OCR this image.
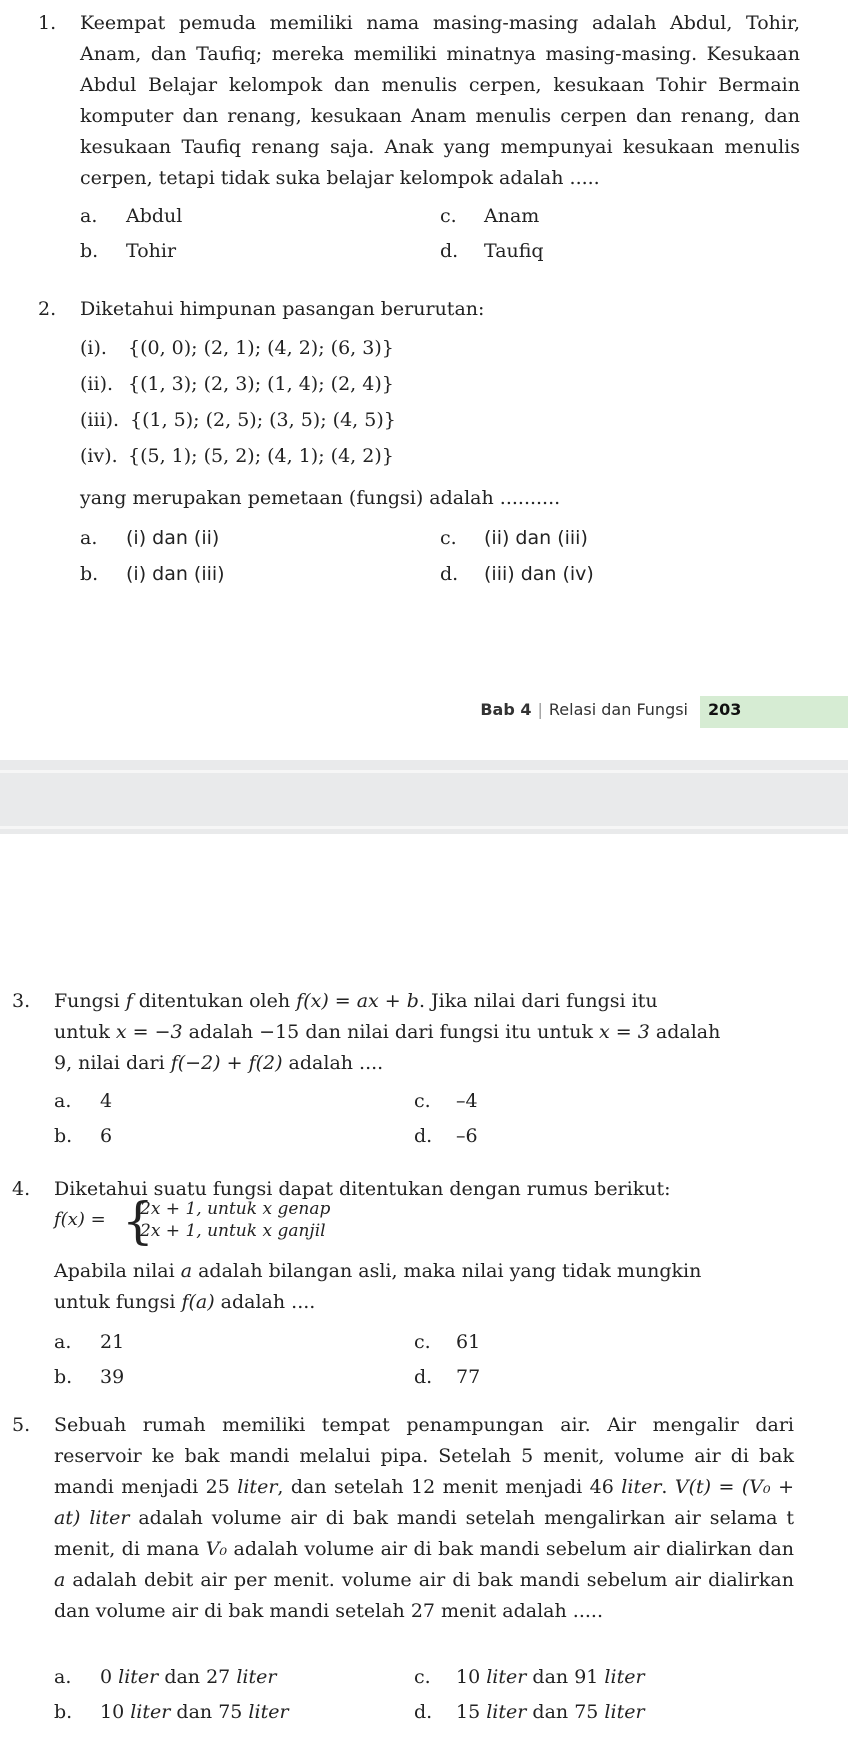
1. Keempat pemuda memiliki nama masing-masing adalah Abdul, Tohir, Anam, dan Taufiq; mereka memiliki minatnya masing-masing. Kesukaan Abdul Belajar kelompok dan menulis cerpen, kesukaan Tohir Bermain komputer dan renang, kesukaan Anam menulis cerpen dan renang, dan kesukaan Taufiq renang saja. Anak yang mempunyai kesukaan menulis cerpen, tetapi tidak suka belajar kelompok adalah .....

a. Abdul	c. Anam
b. Tohir	d. Taufiq
2. Diketahui himpunan pasangan berurutan:
(i). {(0, 0); (2, 1); (4, 2); (6, 3)}
(ii). {(1, 3); (2, 3); (1, 4); (2, 4)}
(iii). {(1, 5); (2, 5); (3, 5); (4, 5)}
(iv). {(5, 1); (5, 2); (4, 1); (4, 2)}
yang merupakan pemetaan (fungsi) adalah ..........
a. (i) dan (ii)	c. (ii) dan (iii)
b. (i) dan (iii)	d. (iii) dan (iv)
Bab 4 | Relasi dan Fungsi 203
3. Fungsi f ditentukan oleh f(x) = ax + b. Jika nilai dari fungsi itu
untuk x = −3 adalah −15 dan nilai dari fungsi itu untuk x = 3 adalah
9, nilai dari f(−2) + f(2) adalah ....
a. 4	c. –4
b. 6	d. –6
4. Diketahui suatu fungsi dapat ditentukan dengan rumus berikut:
f(x) = {
2x + 1, untuk x genap
2x + 1, untuk x ganjil
Apabila nilai a adalah bilangan asli, maka nilai yang tidak mungkin
untuk fungsi f(a) adalah ....
a. 21	c. 61
b. 39	d. 77
5. Sebuah rumah memiliki tempat penampungan air. Air mengalir dari reservoir ke bak mandi melalui pipa. Setelah 5 menit, volume air di bak mandi menjadi 25 liter, dan setelah 12 menit menjadi 46 liter. V(t) = (V₀ + at) liter adalah volume air di bak mandi setelah mengalirkan air selama t menit, di mana V₀ adalah volume air di bak mandi sebelum air dialirkan dan a adalah debit air per menit. volume air di bak mandi sebelum air dialirkan dan volume air di bak mandi setelah 27 menit adalah .....

a. 0 liter dan 27 liter	c. 10 liter dan 91 liter
b. 10 liter dan 75 liter	d. 15 liter dan 75 liter
